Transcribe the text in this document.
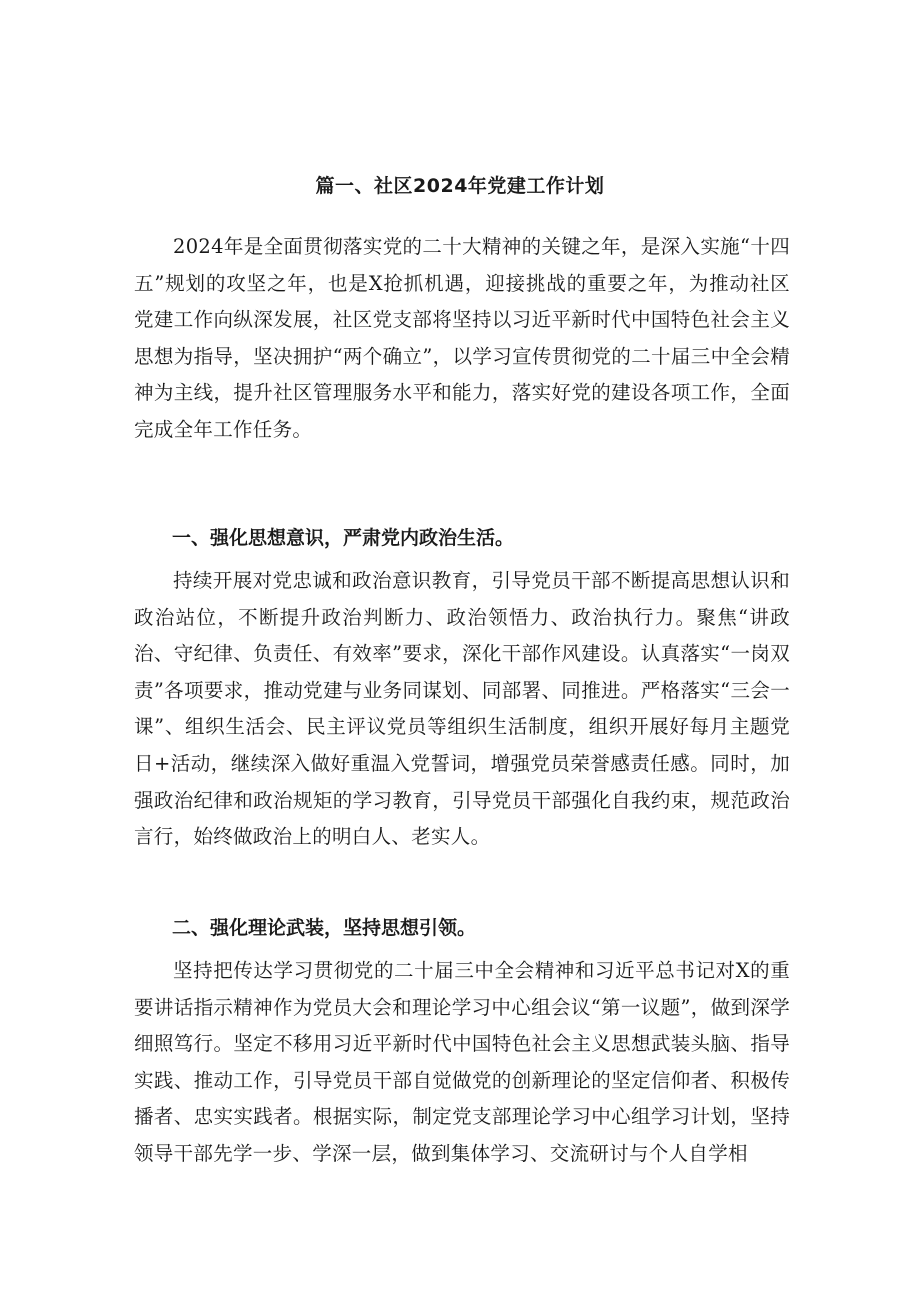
篇一、社区2024年党建工作计划

2024年是全面贯彻落实党的二十大精神的关键之年，是深入实施“十四五”规划的攻坚之年，也是X抢抓机遇，迎接挑战的重要之年，为推动社区党建工作向纵深发展，社区党支部将坚持以习近平新时代中国特色社会主义思想为指导，坚决拥护“两个确立”，以学习宣传贯彻党的二十届三中全会精神为主线，提升社区管理服务水平和能力，落实好党的建设各项工作，全面完成全年工作任务。

一、强化思想意识，严肃党内政治生活。

持续开展对党忠诚和政治意识教育，引导党员干部不断提高思想认识和政治站位，不断提升政治判断力、政治领悟力、政治执行力。聚焦“讲政治、守纪律、负责任、有效率”要求，深化干部作风建设。认真落实“一岗双责”各项要求，推动党建与业务同谋划、同部署、同推进。严格落实“三会一课”、组织生活会、民主评议党员等组织生活制度，组织开展好每月主题党日+活动，继续深入做好重温入党誓词，增强党员荣誉感责任感。同时，加强政治纪律和政治规矩的学习教育，引导党员干部强化自我约束，规范政治言行，始终做政治上的明白人、老实人。

二、强化理论武装，坚持思想引领。

坚持把传达学习贯彻党的二十届三中全会精神和习近平总书记对X的重要讲话指示精神作为党员大会和理论学习中心组会议“第一议题”，做到深学细照笃行。坚定不移用习近平新时代中国特色社会主义思想武装头脑、指导实践、推动工作，引导党员干部自觉做党的创新理论的坚定信仰者、积极传播者、忠实实践者。根据实际，制定党支部理论学习中心组学习计划，坚持领导干部先学一步、学深一层，做到集体学习、交流研讨与个人自学相
